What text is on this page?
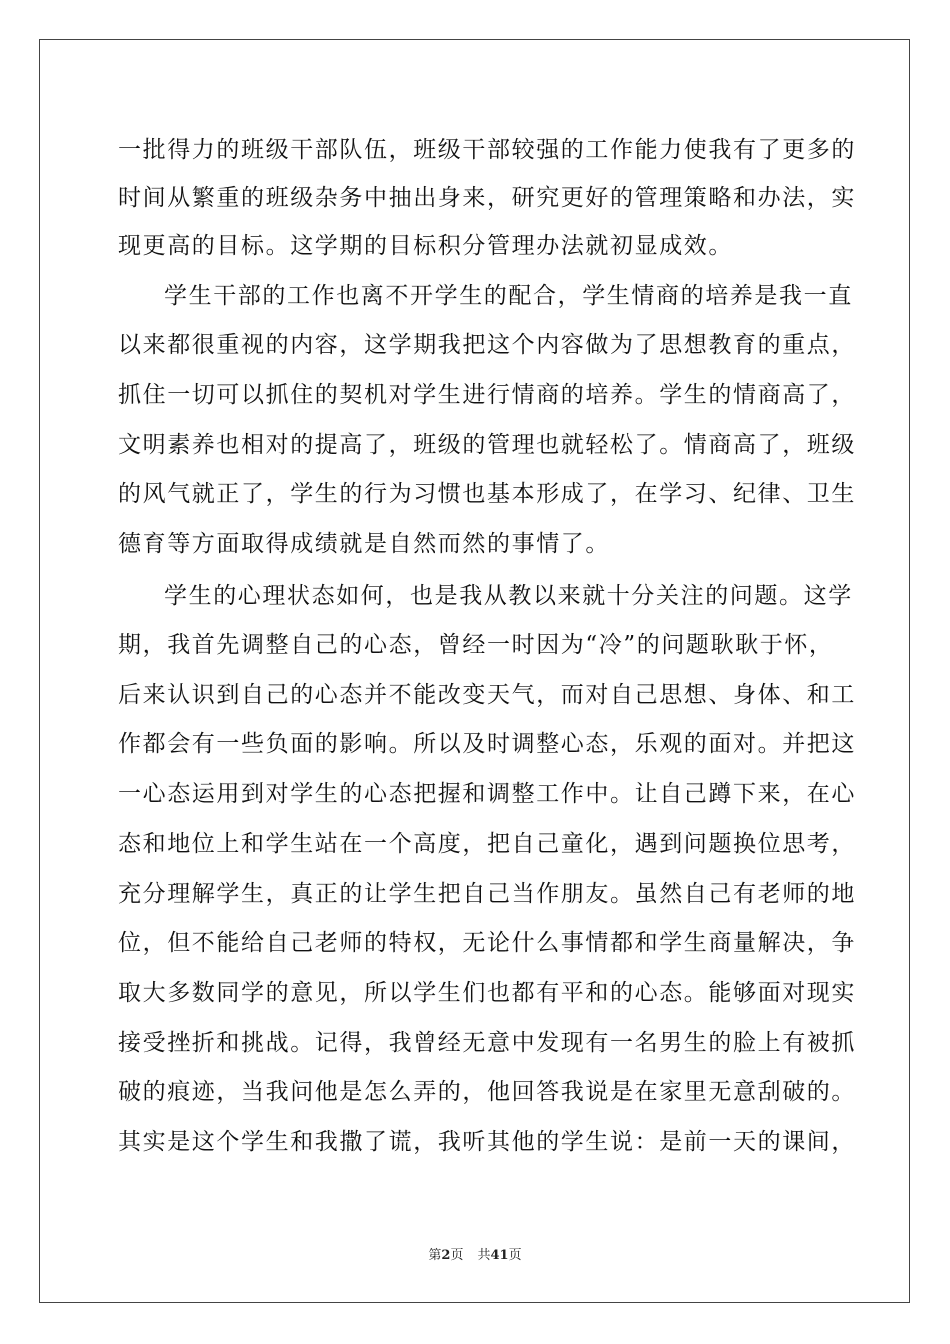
一批得力的班级干部队伍，班级干部较强的工作能力使我有了更多的
时间从繁重的班级杂务中抽出身来，研究更好的管理策略和办法，实
现更高的目标。这学期的目标积分管理办法就初显成效。
学生干部的工作也离不开学生的配合，学生情商的培养是我一直
以来都很重视的内容，这学期我把这个内容做为了思想教育的重点，
抓住一切可以抓住的契机对学生进行情商的培养。学生的情商高了，
文明素养也相对的提高了，班级的管理也就轻松了。情商高了，班级
的风气就正了，学生的行为习惯也基本形成了，在学习、纪律、卫生
德育等方面取得成绩就是自然而然的事情了。
学生的心理状态如何，也是我从教以来就十分关注的问题。这学
期，我首先调整自己的心态，曾经一时因为“冷”的问题耿耿于怀，
后来认识到自己的心态并不能改变天气，而对自己思想、身体、和工
作都会有一些负面的影响。所以及时调整心态，乐观的面对。并把这
一心态运用到对学生的心态把握和调整工作中。让自己蹲下来，在心
态和地位上和学生站在一个高度，把自己童化，遇到问题换位思考，
充分理解学生，真正的让学生把自己当作朋友。虽然自己有老师的地
位，但不能给自己老师的特权，无论什么事情都和学生商量解决，争
取大多数同学的意见，所以学生们也都有平和的心态。能够面对现实
接受挫折和挑战。记得，我曾经无意中发现有一名男生的脸上有被抓
破的痕迹，当我问他是怎么弄的，他回答我说是在家里无意刮破的。
其实是这个学生和我撒了谎，我听其他的学生说：是前一天的课间，
第2页 共41页
